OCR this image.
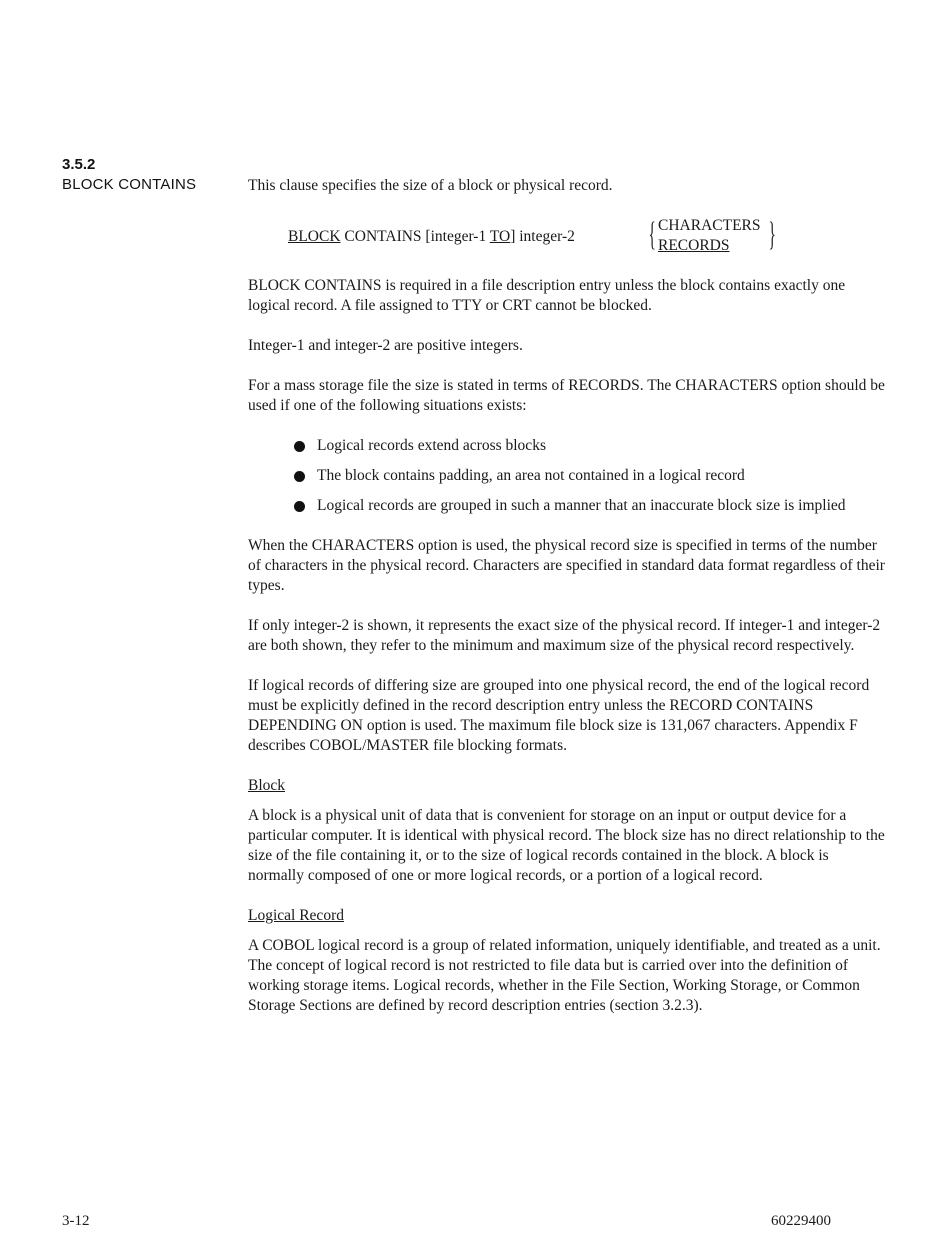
3.5.2
BLOCK CONTAINS	This clause specifies the size of a block or physical record.

BLOCK CONTAINS [integer-1 TO] integer-2 { CHARACTERS
RECORDS }

BLOCK CONTAINS is required in a file description entry unless the block contains exactly one logical record. A file assigned to TTY or CRT cannot be blocked.

Integer-1 and integer-2 are positive integers.

For a mass storage file the size is stated in terms of RECORDS. The CHARACTERS option should be used if one of the following situations exists:

Logical records extend across blocks
The block contains padding, an area not contained in a logical record
Logical records are grouped in such a manner that an inaccurate block size is implied

When the CHARACTERS option is used, the physical record size is specified in terms of the number of characters in the physical record. Characters are specified in standard data format regardless of their types.

If only integer-2 is shown, it represents the exact size of the physical record. If integer-1 and integer-2 are both shown, they refer to the minimum and maximum size of the physical record respectively.

If logical records of differing size are grouped into one physical record, the end of the logical record must be explicitly defined in the record description entry unless the RECORD CONTAINS DEPENDING ON option is used. The maximum file block size is 131,067 characters. Appendix F describes COBOL/MASTER file blocking formats.

Block

A block is a physical unit of data that is convenient for storage on an input or output device for a particular computer. It is identical with physical record. The block size has no direct relationship to the size of the file containing it, or to the size of logical records contained in the block. A block is normally composed of one or more logical records, or a portion of a logical record.

Logical Record

A COBOL logical record is a group of related information, uniquely identifiable, and treated as a unit. The concept of logical record is not restricted to file data but is carried over into the definition of working storage items. Logical records, whether in the File Section, Working Storage, or Common Storage Sections are defined by record description entries (section 3.2.3).

3-12	60229400
